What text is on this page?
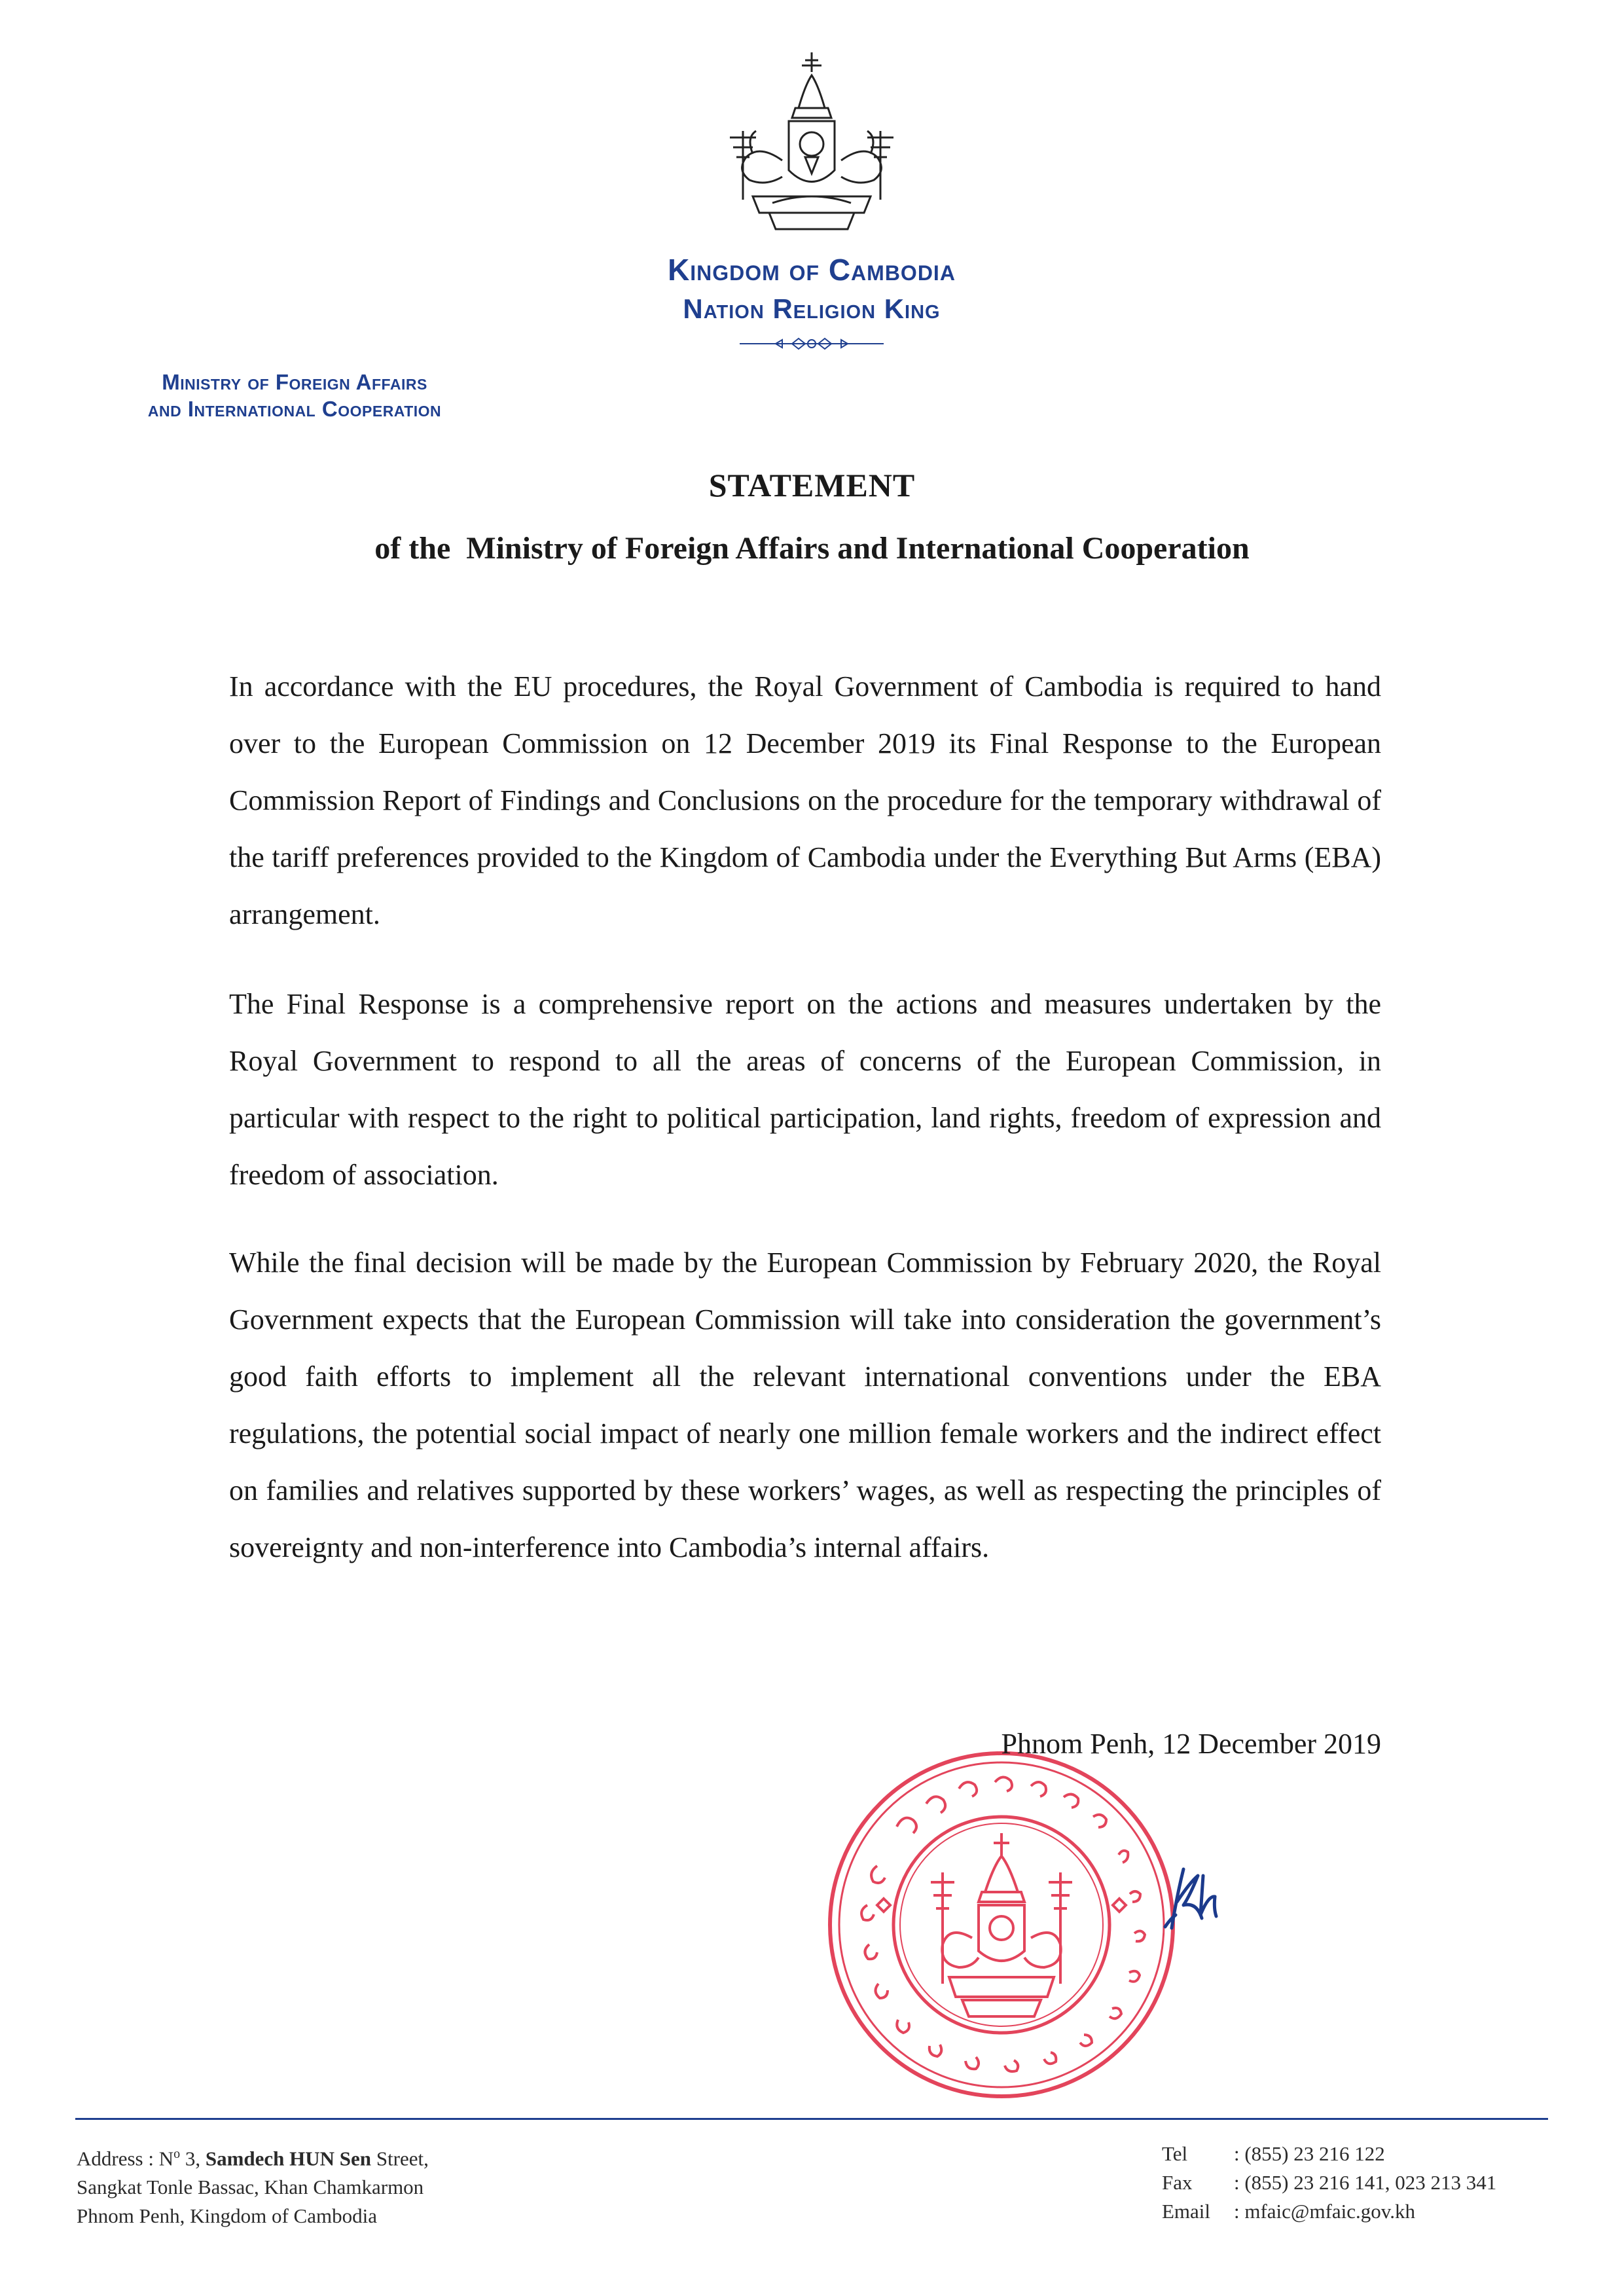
Kingdom of Cambodia
Nation Religion King
Ministry of Foreign Affairs
and International Cooperation
STATEMENT
of the  Ministry of Foreign Affairs and International Cooperation
In accordance with the EU procedures, the Royal Government of Cambodia is required to hand over to the European Commission on 12 December 2019 its Final Response to the European Commission Report of Findings and Conclusions on the procedure for the temporary withdrawal of the tariff preferences provided to the Kingdom of Cambodia under the Everything But Arms (EBA) arrangement.
The Final Response is a comprehensive report on the actions and measures undertaken by the Royal Government to respond to all the areas of concerns of the European Commission, in particular with respect to the right to political participation, land rights, freedom of expression and freedom of association.
While the final decision will be made by the European Commission by February 2020, the Royal Government expects that the European Commission will take into consideration the government’s good faith efforts to implement all the relevant international conventions under the EBA regulations, the potential social impact of nearly one million female workers and the indirect effect on families and relatives supported by these workers’ wages, as well as respecting the principles of sovereignty and non-interference into Cambodia’s internal affairs.
Phnom Penh, 12 December 2019
Address : $N^o$ 3, Samdech HUN Sen Street,
Sangkat Tonle Bassac, Khan Chamkarmon
Phnom Penh, Kingdom of Cambodia
Tel	: (855) 23 216 122
Fax	: (855) 23 216 141, 023 213 341
Email	: mfaic@mfaic.gov.kh
